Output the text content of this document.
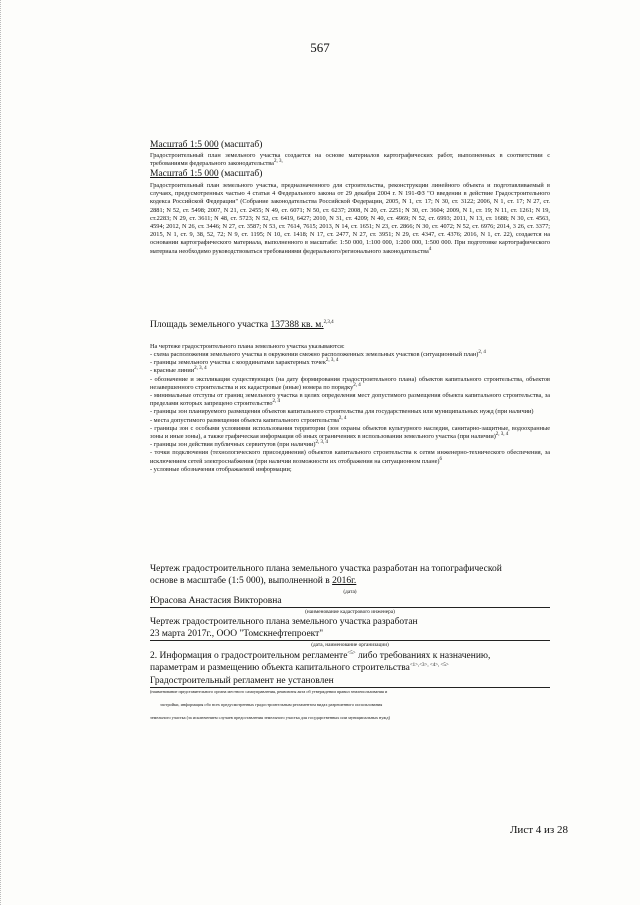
567
Масштаб 1:5 000 (масштаб)
Градостроительный план земельного участка создается на основе материалов картографических работ, выполненных в соответствии с требованиями федерального законодательства$^{2, 3,}$
Масштаб 1:5 000 (масштаб)
Градостроительный план земельного участка, предназначенного для строительства, реконструкции линейного объекта и подготавливаемый в случаях, предусмотренных частью 4 статьи 4 Федерального закона от 29 декабря 2004 г. N 191-ФЗ "О введении в действие Градостроительного кодекса Российской Федерации" (Собрание законодательства Российской Федерации, 2005, N 1, ст. 17; N 30, ст. 3122; 2006, N 1, ст. 17; N 27, ст. 2881; N 52, ст. 5498; 2007, N 21, ст. 2455; N 49, ст. 6071; N 50, ст. 6237; 2008, N 20, ст. 2251; N 30, ст. 3604; 2009, N 1, ст. 19; N 11, ст. 1261; N 19, ст.2283; N 29, ст. 3611; N 48, ст. 5723; N 52, ст. 6419, 6427; 2010, N 31, ст. 4209; N 40, ст. 4969; N 52, ст. 6993; 2011, N 13, ст. 1688; N 30, ст. 4563, 4594; 2012, N 26, ст. 3446; N 27, ст. 3587; N 53, ст. 7614, 7615; 2013, N 14, ст. 1651; N 23, ст. 2866; N 30, ст. 4072; N 52, ст. 6976; 2014, 3 26, ст. 3377; 2015, N 1, ст. 9, 38, 52, 72; N 9, ст. 1195; N 10, ст. 1418; N 17, ст. 2477, N 27, ст. 3951; N 29, ст. 4347, ст. 4376; 2016, N 1, ст. 22), создается на основании картографического материала, выполненного в масштабе: 1:50 000, 1:100 000, 1:200 000, 1:500 000. При подготовке картографического материала необходимо руководствоваться требованиями федерального/регионального законодательства$^4$
Площадь земельного участка 137388 кв. м.$^{2,3,4}$
На чертеже градостроительного плана земельного участка указываются:
- схема расположения земельного участка в окружении смежно расположенных земельных участков (ситуационный план)$^{2, 4}$
- границы земельного участка с координатами характерных точек$^{2, 3, 4}$
- красные линии$^{2, 3, 4}$
- обозначение и экспликация существующих (на дату формирования градостроительного плана) объектов капитального строительства, объектов незавершенного строительства и их кадастровые (иные) номера по порядку$^{2, 4}$
- минимальные отступы от границ земельного участка в целях определения мест допустимого размещения объекта капитального строительства, за пределами которых запрещено строительство$^{2, 4}$
- границы зон планируемого размещения объектов капитального строительства для государственных или муниципальных нужд (при наличии)
- места допустимого размещения объекта капитального строительства$^{2, 4}$
- границы зон с особыми условиями использования территории (зон охраны объектов культурного наследия, санитарно-защитные, водоохранные зоны и иные зоны), а также графическая информация об иных ограничениях в использовании земельного участка (при наличии)$^{2, 3, 4}$
- границы зон действия публичных сервитутов (при наличии)$^{2, 3, 4}$
- точки подключения (технологического присоединения) объектов капитального строительства к сетям инженерно-технического обеспечения, за исключением сетей электроснабжения (при наличии возможности их отображения на ситуационном плане)$^6$
- условные обозначения отображаемой информации;
Чертеж градостроительного плана земельного участка разработан на топографической
основе в масштабе (1:5 000), выполненной в 2016г.
(дата)
Юрасова Анастасия Викторовна
(наименование кадастрового инженера)
Чертеж градостроительного плана земельного участка разработан
23 марта 2017г., ООО "Томскнефтепроект"
(дата, наименование организации)
2. Информация о градостроительном регламенте$^{<5>}$ либо требованиях к назначению,
параметрам и размещению объекта капитального строительства$^{<1>,<3>, <4>, <5>}$
Градостроительный регламент не установлен
(наименование представительного органа местного самоуправления, реквизиты акта об утверждении правил землепользования и
застройки, информация обо всех предусмотренных градостроительным регламентом видах разрешенного использования
земельного участка (за исключением случаев предоставления земельного участка для государственных или муниципальных нужд)
Лист 4 из 28
